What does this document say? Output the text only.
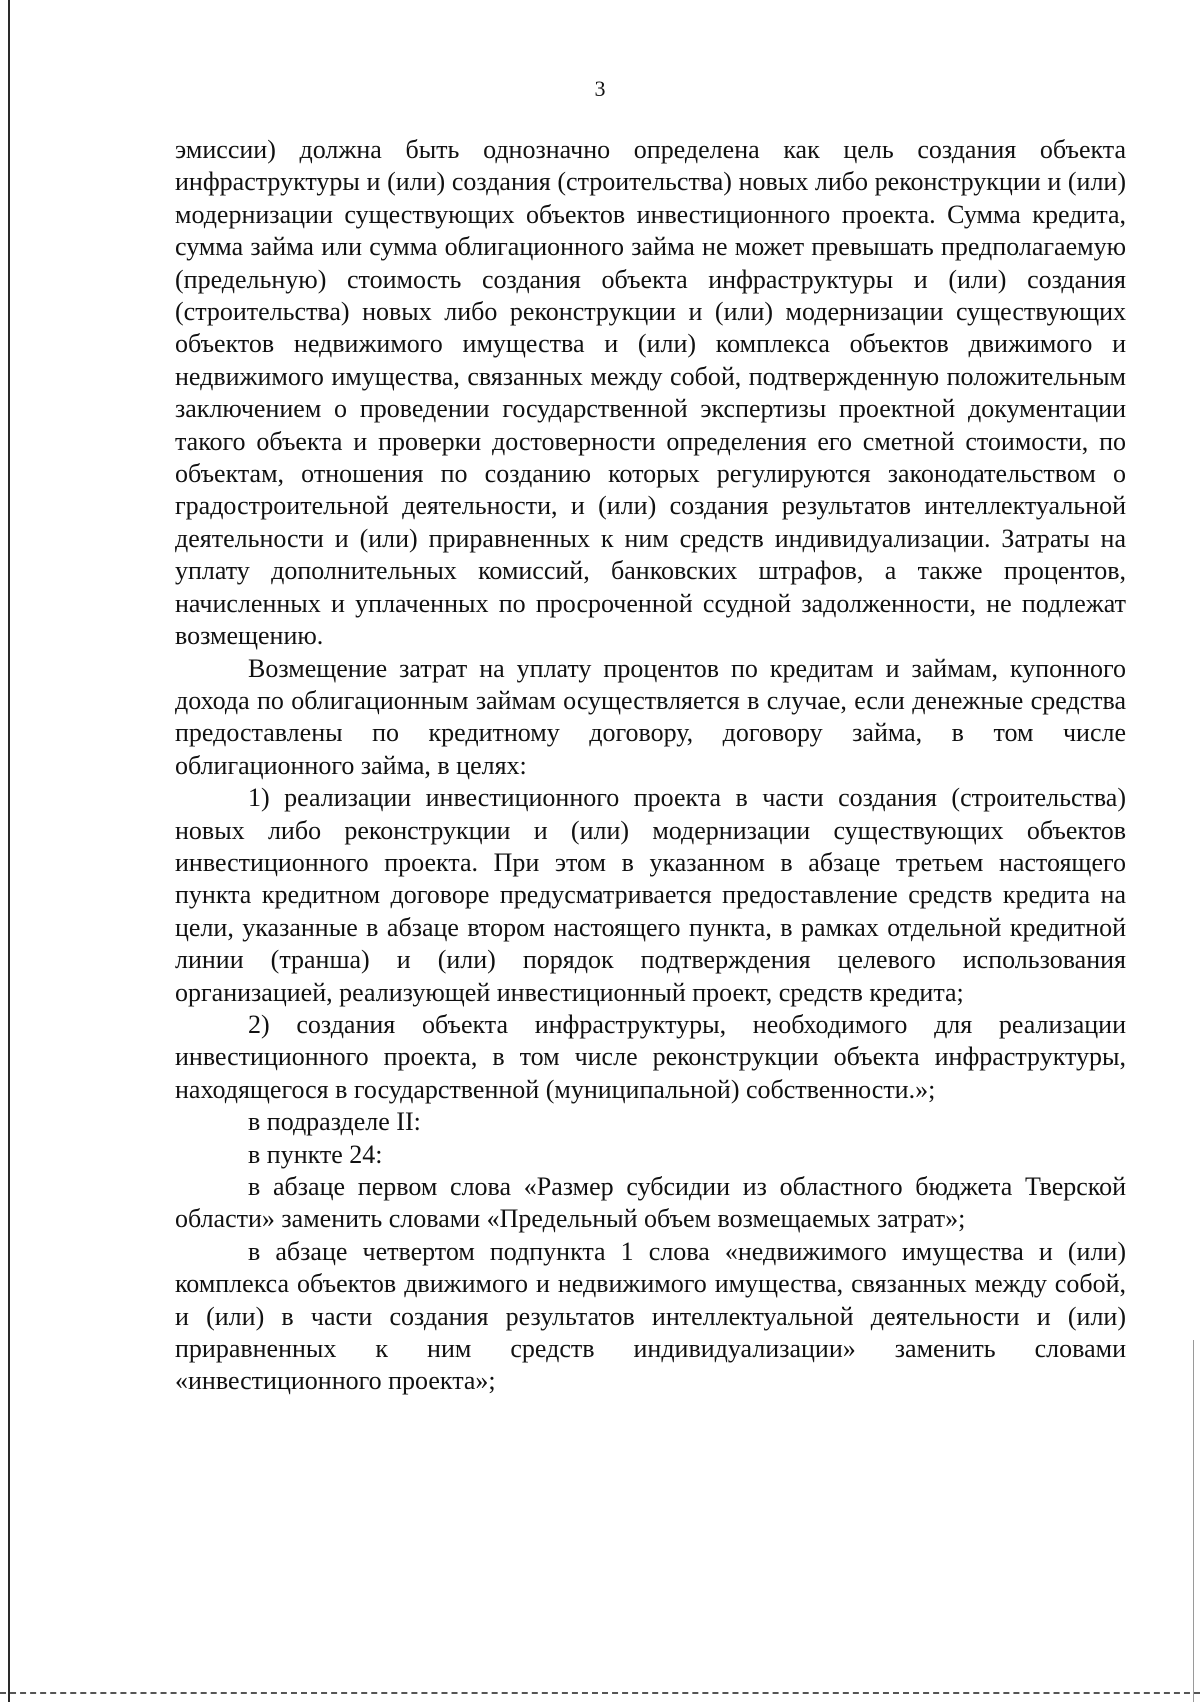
3

эмиссии) должна быть однозначно определена как цель создания объекта инфраструктуры и (или) создания (строительства) новых либо реконструкции и (или) модернизации существующих объектов инвестиционного проекта. Сумма кредита, сумма займа или сумма облигационного займа не может превышать предполагаемую (предельную) стоимость создания объекта инфраструктуры и (или) создания (строительства) новых либо реконструкции и (или) модернизации существующих объектов недвижимого имущества и (или) комплекса объектов движимого и недвижимого имущества, связанных между собой, подтвержденную положительным заключением о проведении государственной экспертизы проектной документации такого объекта и проверки достоверности определения его сметной стоимости, по объектам, отношения по созданию которых регулируются законодательством о градостроительной деятельности, и (или) создания результатов интеллектуальной деятельности и (или) приравненных к ним средств индивидуализации. Затраты на уплату дополнительных комиссий, банковских штрафов, а также процентов, начисленных и уплаченных по просроченной ссудной задолженности, не подлежат возмещению.

Возмещение затрат на уплату процентов по кредитам и займам, купонного дохода по облигационным займам осуществляется в случае, если денежные средства предоставлены по кредитному договору, договору займа, в том числе облигационного займа, в целях:

1) реализации инвестиционного проекта в части создания (строительства) новых либо реконструкции и (или) модернизации существующих объектов инвестиционного проекта. При этом в указанном в абзаце третьем настоящего пункта кредитном договоре предусматривается предоставление средств кредита на цели, указанные в абзаце втором настоящего пункта, в рамках отдельной кредитной линии (транша) и (или) порядок подтверждения целевого использования организацией, реализующей инвестиционный проект, средств кредита;

2) создания объекта инфраструктуры, необходимого для реализации инвестиционного проекта, в том числе реконструкции объекта инфраструктуры, находящегося в государственной (муниципальной) собственности.»;

в подразделе II:

в пункте 24:

в абзаце первом слова «Размер субсидии из областного бюджета Тверской области» заменить словами «Предельный объем возмещаемых затрат»;

в абзаце четвертом подпункта 1 слова «недвижимого имущества и (или) комплекса объектов движимого и недвижимого имущества, связанных между собой, и (или) в части создания результатов интеллектуальной деятельности и (или) приравненных к ним средств индивидуализации» заменить словами «инвестиционного проекта»;
